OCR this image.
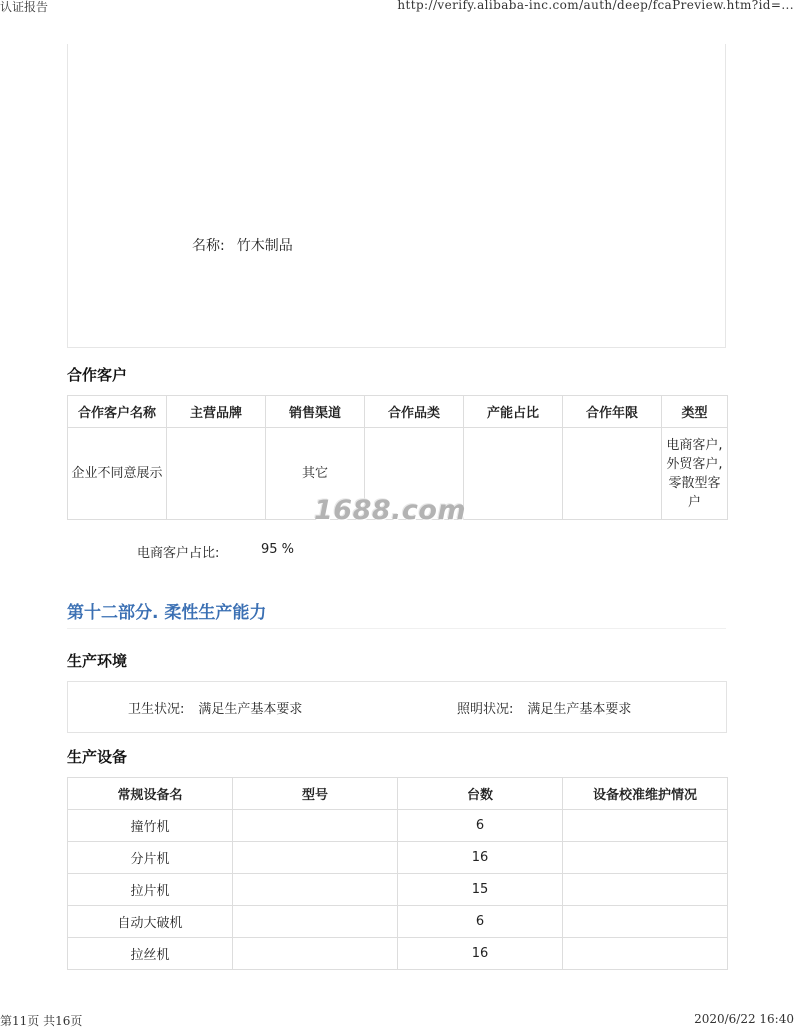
认证报告	http://verify.alibaba-inc.com/auth/deep/fcaPreview.htm?id=...
名称: 竹木制品
合作客户
合作客户名称	主营品牌	销售渠道	合作品类	产能占比	合作年限	类型
企业不同意展示		其它				电商客户,外贸客户,零散型客户
1688.com
电商客户占比:	95 %
第十二部分. 柔性生产能力
生产环境
卫生状况: 满足生产基本要求	照明状况: 满足生产基本要求
生产设备
常规设备名	型号	台数	设备校准维护情况
撞竹机		6	
分片机		16	
拉片机		15	
自动大破机		6	
拉丝机		16	
第11页 共16页	2020/6/22 16:40
